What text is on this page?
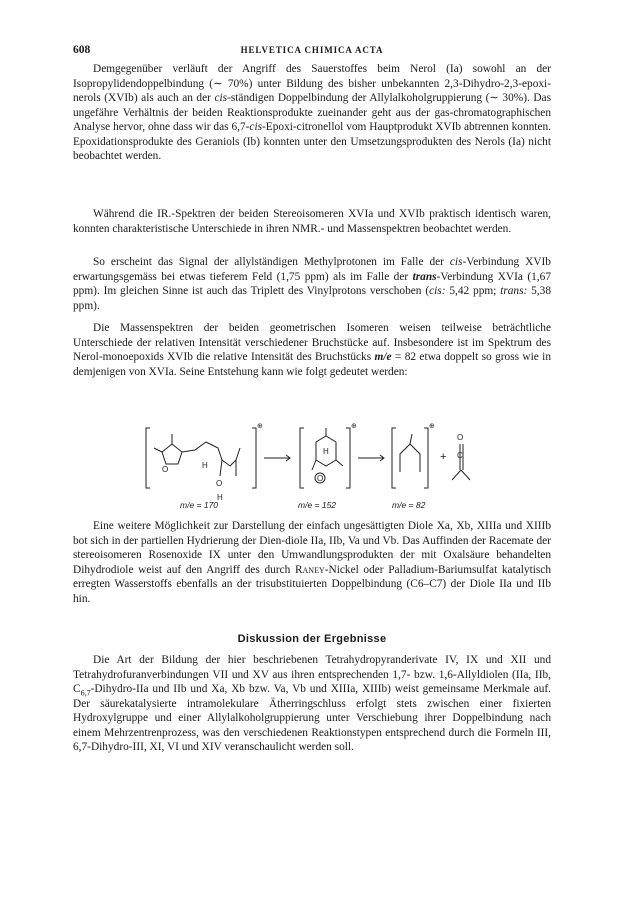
608	HELVETICA CHIMICA ACTA

Demgegenüber verläuft der Angriff des Sauerstoffes beim Nerol (Ia) sowohl an der Isopropylidendoppelbindung (∼ 70%) unter Bildung des bisher unbekannten 2,3-Dihydro-2,3-epoxi-nerols (XVIb) als auch an der cis-ständigen Doppelbindung der Allylalkoholgruppierung (∼ 30%). Das ungefähre Verhältnis der beiden Reaktionsprodukte zueinander geht aus der gas-chromatographischen Analyse hervor, ohne dass wir das 6,7-cis-Epoxi-citronellol vom Hauptprodukt XVIb abtrennen konnten. Epoxidationsprodukte des Geraniols (Ib) konnten unter den Umsetzungsprodukten des Nerols (Ia) nicht beobachtet werden.

Während die IR.-Spektren der beiden Stereoisomeren XVIa und XVIb praktisch identisch waren, konnten charakteristische Unterschiede in ihren NMR.- und Massenspektren beobachtet werden.

So erscheint das Signal der allylständigen Methylprotonen im Falle der cis-Verbindung XVIb erwartungsgemäss bei etwas tieferem Feld (1,75 ppm) als im Falle der trans-Verbindung XVIa (1,67 ppm). Im gleichen Sinne ist auch das Triplett des Vinylprotons verschoben (cis: 5,42 ppm; trans: 5,38 ppm).

Die Massenspektren der beiden geometrischen Isomeren weisen teilweise beträchtliche Unterschiede der relativen Intensität verschiedener Bruchstücke auf. Insbesondere ist im Spektrum des Nerol-monoepoxids XVIb die relative Intensität des Bruchstücks m/e = 82 etwa doppelt so gross wie in demjenigen von XVIa. Seine Entstehung kann wie folgt gedeutet werden:

O	H
O
H
H
O
O
C
+
⊕	⊕	⊕
m/e = 170	m/e = 152	m/e = 82

Eine weitere Möglichkeit zur Darstellung der einfach ungesättigten Diole Xa, Xb, XIIIa und XIIIb bot sich in der partiellen Hydrierung der Dien-diole IIa, IIb, Va und Vb. Das Auffinden der Racemate der stereoisomeren Rosenoxide IX unter den Umwandlungsprodukten der mit Oxalsäure behandelten Dihydrodiole weist auf den Angriff des durch Raney-Nickel oder Palladium-Bariumsulfat katalytisch erregten Wasserstoffs ebenfalls an der trisubstituierten Doppelbindung (C6–C7) der Diole IIa und IIb hin.

Diskussion der Ergebnisse

Die Art der Bildung der hier beschriebenen Tetrahydropyranderivate IV, IX und XII und Tetrahydrofuranverbindungen VII und XV aus ihren entsprechenden 1,7- bzw. 1,6-Allyldiolen (IIa, IIb, $C_{6,7}-Dihydro$-IIa und IIb und Xa, Xb bzw. Va, Vb und XIIIa, XIIIb) weist gemeinsame Merkmale auf. Der säurekatalysierte intramolekulare Ätherringschluss erfolgt stets zwischen einer fixierten Hydroxylgruppe und einer Allylalkoholgruppierung unter Verschiebung ihrer Doppelbindung nach einem Mehrzentrenprozess, was den verschiedenen Reaktionstypen entsprechend durch die Formeln III, 6,7-Dihydro-III, XI, VI und XIV veranschaulicht werden soll.
